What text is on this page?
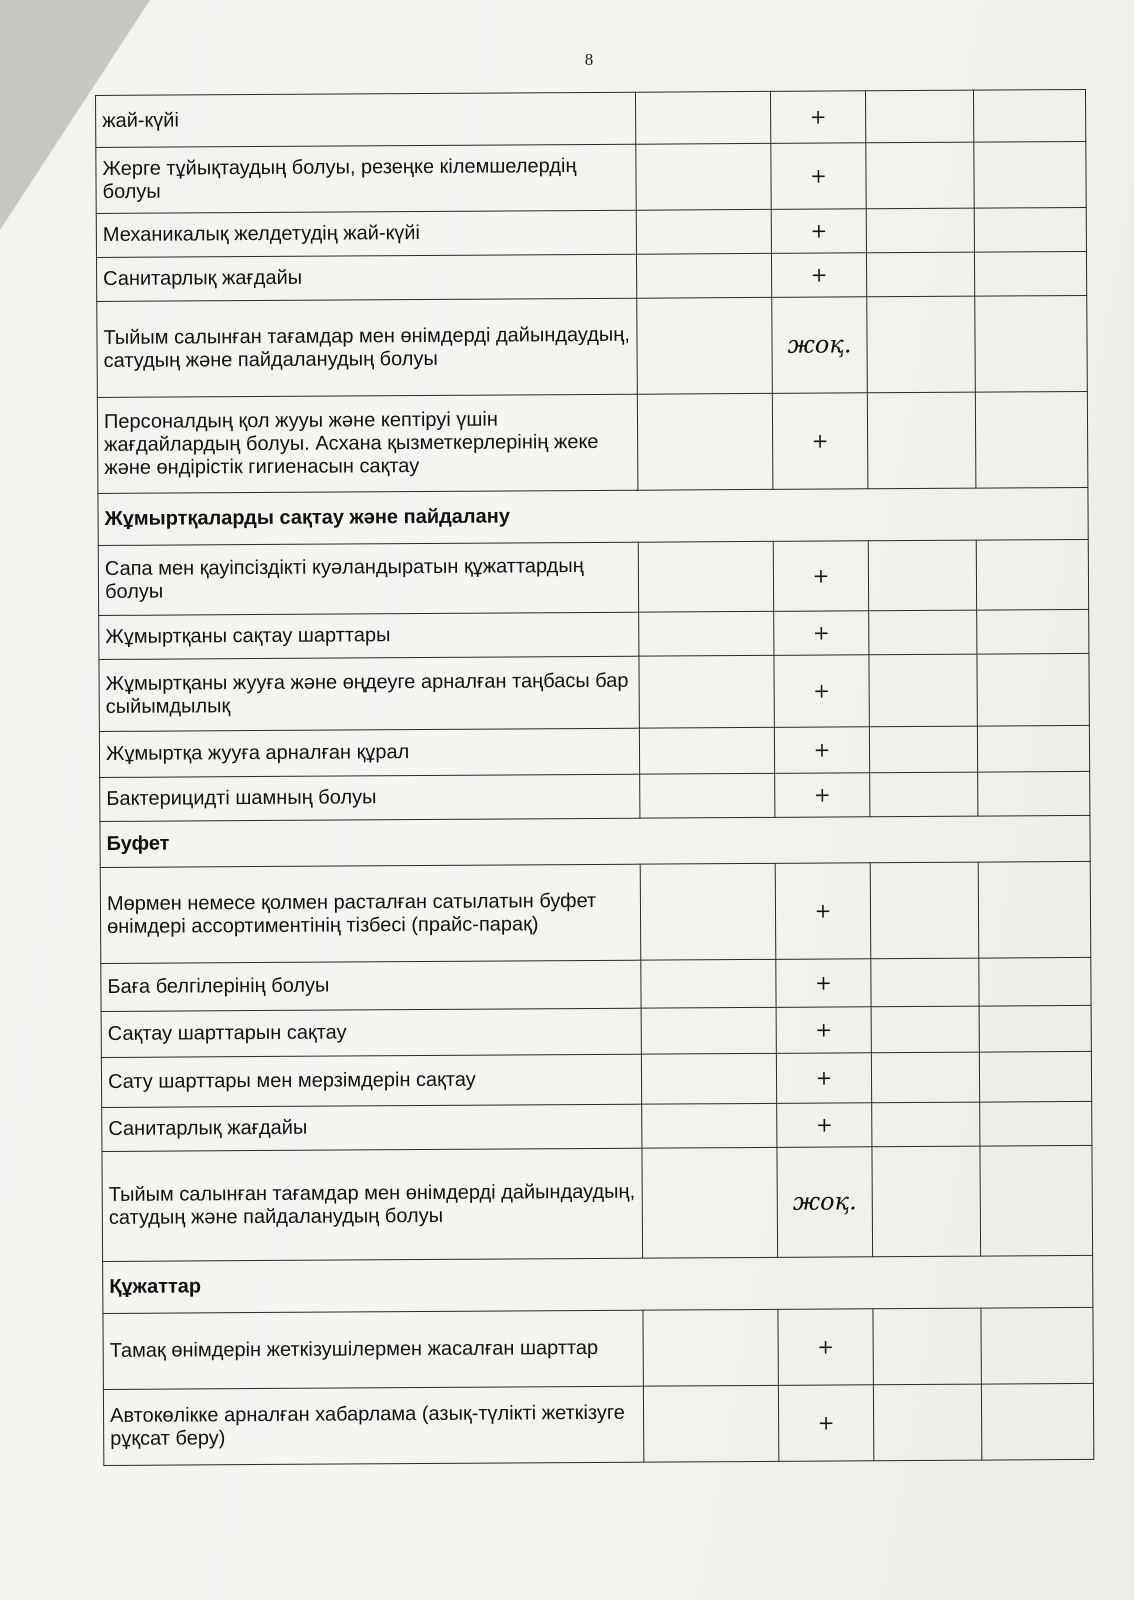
8
жай-күйі		+		
Жерге тұйықтаудың болуы, резеңке кілемшелердің болуы		+		
Механикалық желдетудің жай-күйі		+		
Санитарлық жағдайы		+		
Тыйым салынған тағамдар мен өнімдерді дайындаудың, сатудың және пайдаланудың болуы		жоқ.		
Персоналдың қол жууы және кептіруі үшін жағдайлардың болуы. Асхана қызметкерлерінің жеке және өндірістік гигиенасын сақтау		+		
Жұмыртқаларды сақтау және пайдалану				
Сапа мен қауіпсіздікті куәландыратын құжаттардың болуы		+		
Жұмыртқаны сақтау шарттары		+		
Жұмыртқаны жууға және өңдеуге арналған таңбасы бар сыйымдылық		+		
Жұмыртқа жууға арналған құрал		+		
Бактерицидті шамның болуы		+		
Буфет				
Мөрмен немесе қолмен расталған сатылатын буфет өнімдері ассортиментінің тізбесі (прайс-парақ)		+		
Баға белгілерінің болуы		+		
Сақтау шарттарын сақтау		+		
Сату шарттары мен мерзімдерін сақтау		+		
Санитарлық жағдайы		+		
Тыйым салынған тағамдар мен өнімдерді дайындаудың, сатудың және пайдаланудың болуы		жоқ.		
Құжаттар				
Тамақ өнімдерін жеткізушілермен жасалған шарттар		+		
Автокөлікке арналған хабарлама (азық-түлікті жеткізуге рұқсат беру)		+		
